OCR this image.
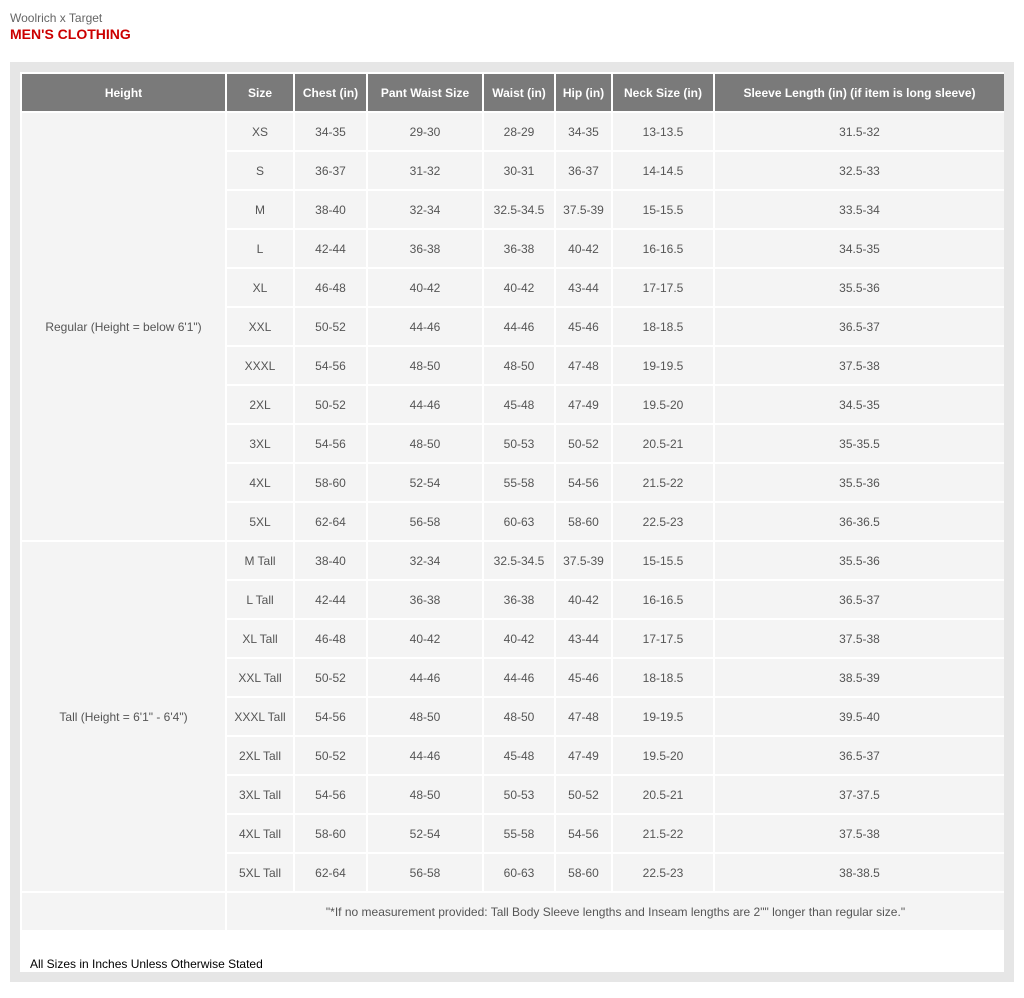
Woolrich x Target
MEN'S CLOTHING
Height	Size	Chest (in)	Pant Waist Size	Waist (in)	Hip (in)	Neck Size (in)	Sleeve Length (in) (if item is long sleeve)
Regular (Height = below 6'1")	XS	34-35	29-30	28-29	34-35	13-13.5	31.5-32
	S	36-37	31-32	30-31	36-37	14-14.5	32.5-33
	M	38-40	32-34	32.5-34.5	37.5-39	15-15.5	33.5-34
	L	42-44	36-38	36-38	40-42	16-16.5	34.5-35
	XL	46-48	40-42	40-42	43-44	17-17.5	35.5-36
	XXL	50-52	44-46	44-46	45-46	18-18.5	36.5-37
	XXXL	54-56	48-50	48-50	47-48	19-19.5	37.5-38
	2XL	50-52	44-46	45-48	47-49	19.5-20	34.5-35
	3XL	54-56	48-50	50-53	50-52	20.5-21	35-35.5
	4XL	58-60	52-54	55-58	54-56	21.5-22	35.5-36
	5XL	62-64	56-58	60-63	58-60	22.5-23	36-36.5
Tall (Height = 6'1" - 6'4")	M Tall	38-40	32-34	32.5-34.5	37.5-39	15-15.5	35.5-36
	L Tall	42-44	36-38	36-38	40-42	16-16.5	36.5-37
	XL Tall	46-48	40-42	40-42	43-44	17-17.5	37.5-38
	XXL Tall	50-52	44-46	44-46	45-46	18-18.5	38.5-39
	XXXL Tall	54-56	48-50	48-50	47-48	19-19.5	39.5-40
	2XL Tall	50-52	44-46	45-48	47-49	19.5-20	36.5-37
	3XL Tall	54-56	48-50	50-53	50-52	20.5-21	37-37.5
	4XL Tall	58-60	52-54	55-58	54-56	21.5-22	37.5-38
	5XL Tall	62-64	56-58	60-63	58-60	22.5-23	38-38.5
	"*If no measurement provided: Tall Body Sleeve lengths and Inseam lengths are 2"" longer than regular size."						
All Sizes in Inches Unless Otherwise Stated
